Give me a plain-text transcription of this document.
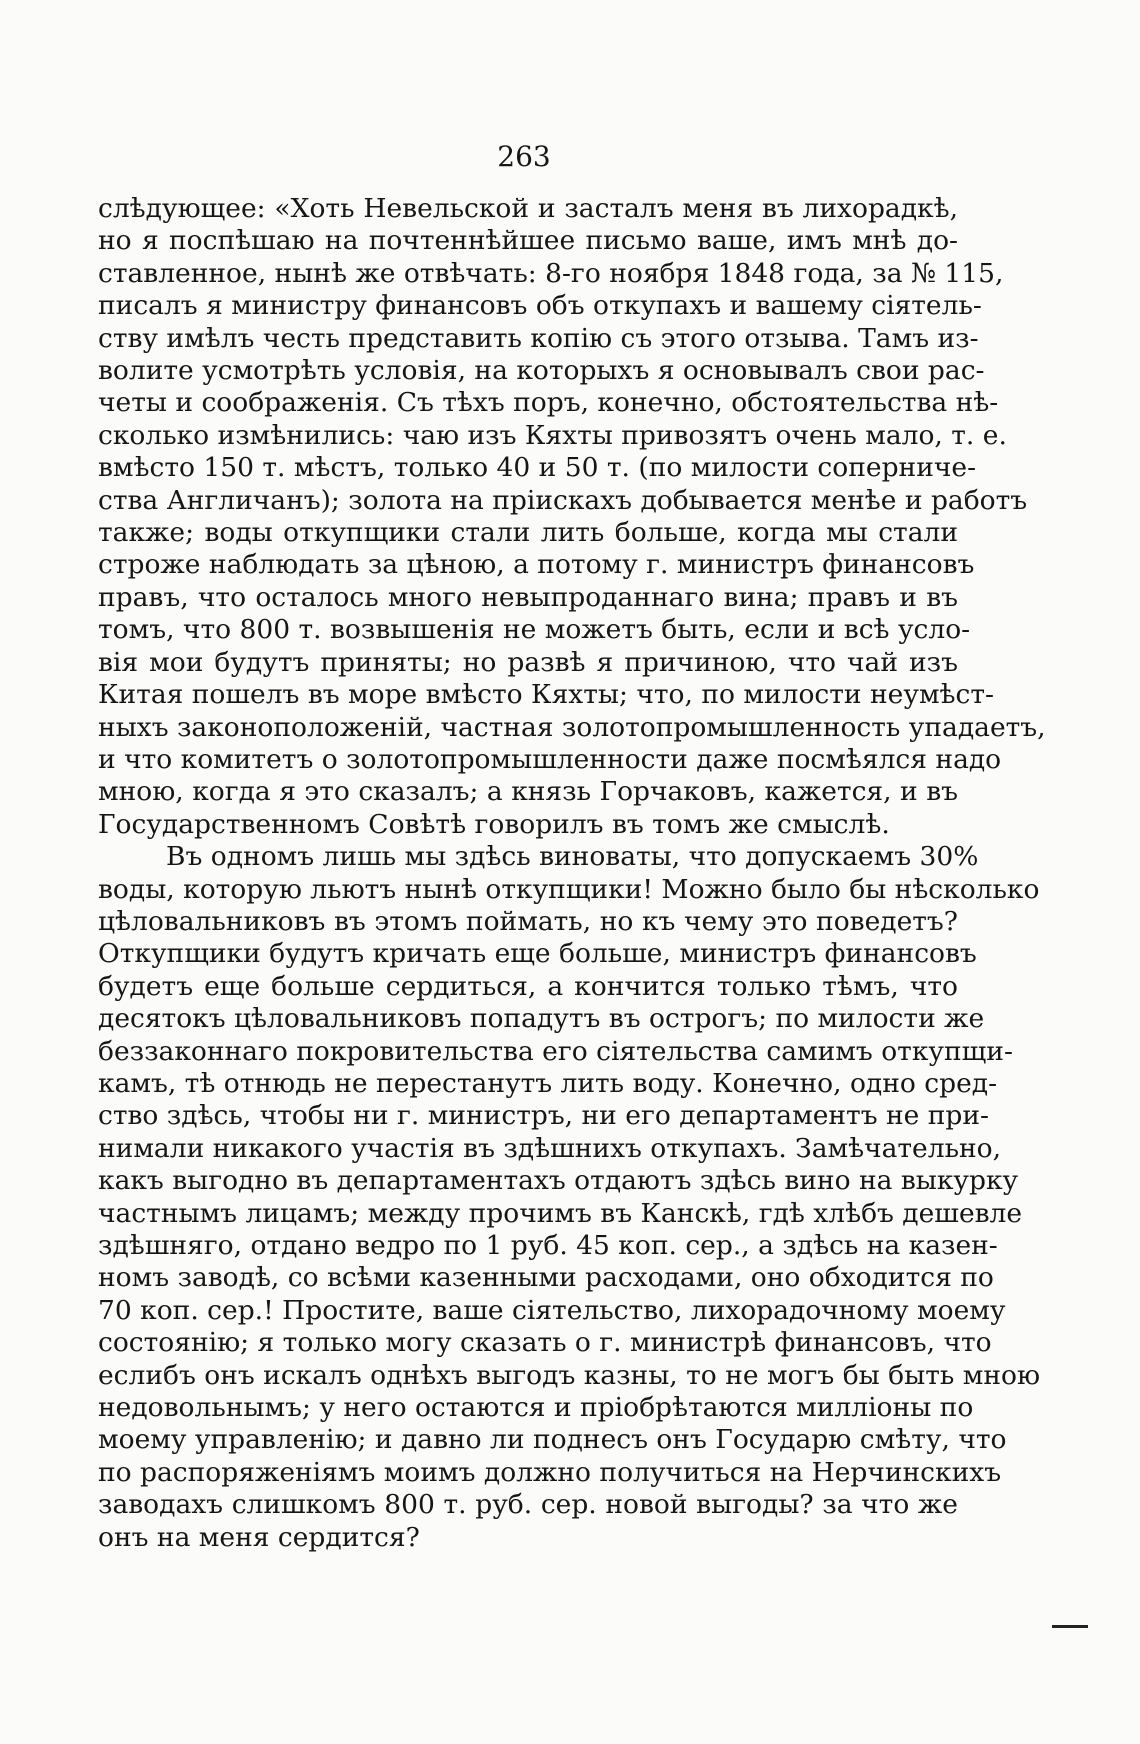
263
слѣдующее: «Хоть Невельской и засталъ меня въ лихорадкѣ,
но я поспѣшаю на почтеннѣйшее письмо ваше, имъ мнѣ до-
ставленное, нынѣ же отвѣчать: 8-го ноября 1848 года, за № 115,
писалъ я министру финансовъ объ откупахъ и вашему сіятель-
ству имѣлъ честь представить копію съ этого отзыва. Тамъ из-
волите усмотрѣть условія, на которыхъ я основывалъ свои рас-
четы и соображенія. Съ тѣхъ поръ, конечно, обстоятельства нѣ-
сколько измѣнились: чаю изъ Кяхты привозятъ очень мало, т. е.
вмѣсто 150 т. мѣстъ, только 40 и 50 т. (по милости соперниче-
ства Англичанъ); золота на пріискахъ добывается менѣе и работъ
также; воды откупщики стали лить больше, когда мы стали
строже наблюдать за цѣною, а потому г. министръ финансовъ
правъ, что осталось много невыпроданнаго вина; правъ и въ
томъ, что 800 т. возвышенія не можетъ быть, если и всѣ усло-
вія мои будутъ приняты; но развѣ я причиною, что чай изъ
Китая пошелъ въ море вмѣсто Кяхты; что, по милости неумѣст-
ныхъ законоположеній, частная золотопромышленность упадаетъ,
и что комитетъ о золотопромышленности даже посмѣялся надо
мною, когда я это сказалъ; а князь Горчаковъ, кажется, и въ
Государственномъ Совѣтѣ говорилъ въ томъ же смыслѣ.
Въ одномъ лишь мы здѣсь виноваты, что допускаемъ 30%
воды, которую льютъ нынѣ откупщики! Можно было бы нѣсколько
цѣловальниковъ въ этомъ поймать, но къ чему это поведетъ?
Откупщики будутъ кричать еще больше, министръ финансовъ
будетъ еще больше сердиться, а кончится только тѣмъ, что
десятокъ цѣловальниковъ попадутъ въ острогъ; по милости же
беззаконнаго покровительства его сіятельства самимъ откупщи-
камъ, тѣ отнюдь не перестанутъ лить воду. Конечно, одно сред-
ство здѣсь, чтобы ни г. министръ, ни его департаментъ не при-
нимали никакого участія въ здѣшнихъ откупахъ. Замѣчательно,
какъ выгодно въ департаментахъ отдаютъ здѣсь вино на выкурку
частнымъ лицамъ; между прочимъ въ Канскѣ, гдѣ хлѣбъ дешевле
здѣшняго, отдано ведро по 1 руб. 45 коп. сер., а здѣсь на казен-
номъ заводѣ, со всѣми казенными расходами, оно обходится по
70 коп. сер.! Простите, ваше сіятельство, лихорадочному моему
состоянію; я только могу сказать о г. министрѣ финансовъ, что
еслибъ онъ искалъ однѣхъ выгодъ казны, то не могъ бы быть мною
недовольнымъ; у него остаются и пріобрѣтаются милліоны по
моему управленію; и давно ли поднесъ онъ Государю смѣту, что
по распоряженіямъ моимъ должно получиться на Нерчинскихъ
заводахъ слишкомъ 800 т. руб. сер. новой выгоды? за что же
онъ на меня сердится?
